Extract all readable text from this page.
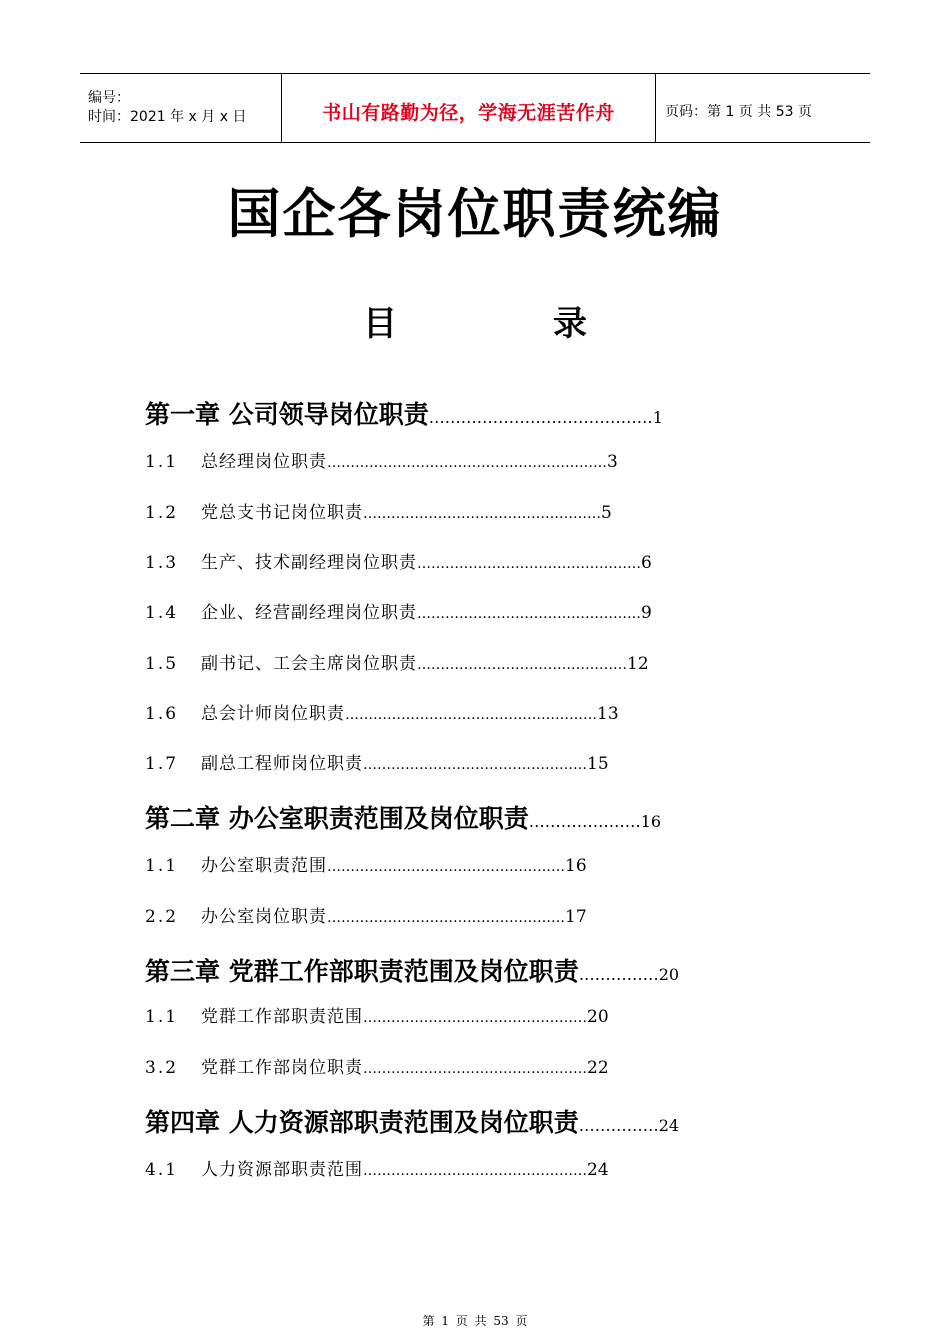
编号：
时间：2021 年 x 月 x 日	书山有路勤为径，学海无涯苦作舟	页码：第 1 页 共 53 页
国企各岗位职责统编
目	录
第一章 公司领导岗位职责 …………………………………… 1
1.1	总经理岗位职责 …………………………………………………… 3
1.2	党总支书记岗位职责 …………………………………………… 5
1.3	生产、技术副经理岗位职责 ………………………………………… 6
1.4	企业、经营副经理岗位职责 ………………………………………… 9
1.5	副书记、工会主席岗位职责 ……………………………………… 12
1.6	总会计师岗位职责 ……………………………………………… 13
1.7	副总工程师岗位职责 ………………………………………… 15
第二章 办公室职责范围及岗位职责 ………………… 16
1.1	办公室职责范围 …………………………………………… 16
2.2	办公室岗位职责 …………………………………………… 17
第三章 党群工作部职责范围及岗位职责 …………… 20
1.1	党群工作部职责范围 ………………………………………… 20
3.2	党群工作部岗位职责 ………………………………………… 22
第四章 人力资源部职责范围及岗位职责 …………… 24
4.1	人力资源部职责范围 ………………………………………… 24
第 1 页 共 53 页
